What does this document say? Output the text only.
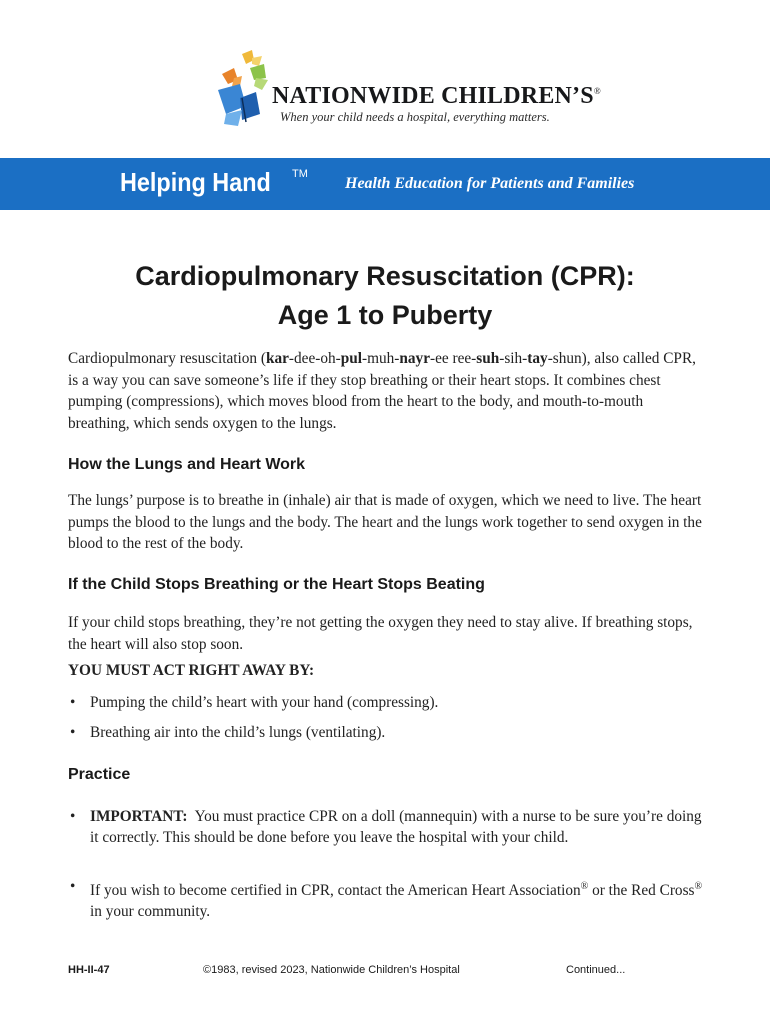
NATIONWIDE CHILDREN’S®
When your child needs a hospital, everything matters.
Helping Hand TM
Health Education for Patients and Families
Cardiopulmonary Resuscitation (CPR):
Age 1 to Puberty
Cardiopulmonary resuscitation (kar-dee-oh-pul-muh-nayr-ee ree-suh-sih-tay-shun), also called CPR, is a way you can save someone’s life if they stop breathing or their heart stops. It combines chest pumping (compressions), which moves blood from the heart to the body, and mouth-to-mouth breathing, which sends oxygen to the lungs.
How the Lungs and Heart Work
The lungs’ purpose is to breathe in (inhale) air that is made of oxygen, which we need to live. The heart pumps the blood to the lungs and the body. The heart and the lungs work together to send oxygen in the blood to the rest of the body.
If the Child Stops Breathing or the Heart Stops Beating
If your child stops breathing, they’re not getting the oxygen they need to stay alive. If breathing stops, the heart will also stop soon.
YOU MUST ACT RIGHT AWAY BY:
• Pumping the child’s heart with your hand (compressing).
• Breathing air into the child’s lungs (ventilating).
Practice
• IMPORTANT: You must practice CPR on a doll (mannequin) with a nurse to be sure you’re doing it correctly. This should be done before you leave the hospital with your child.
• If you wish to become certified in CPR, contact the American Heart Association® or the Red Cross® in your community.
HH-II-47	©1983, revised 2023, Nationwide Children’s Hospital	Continued...
